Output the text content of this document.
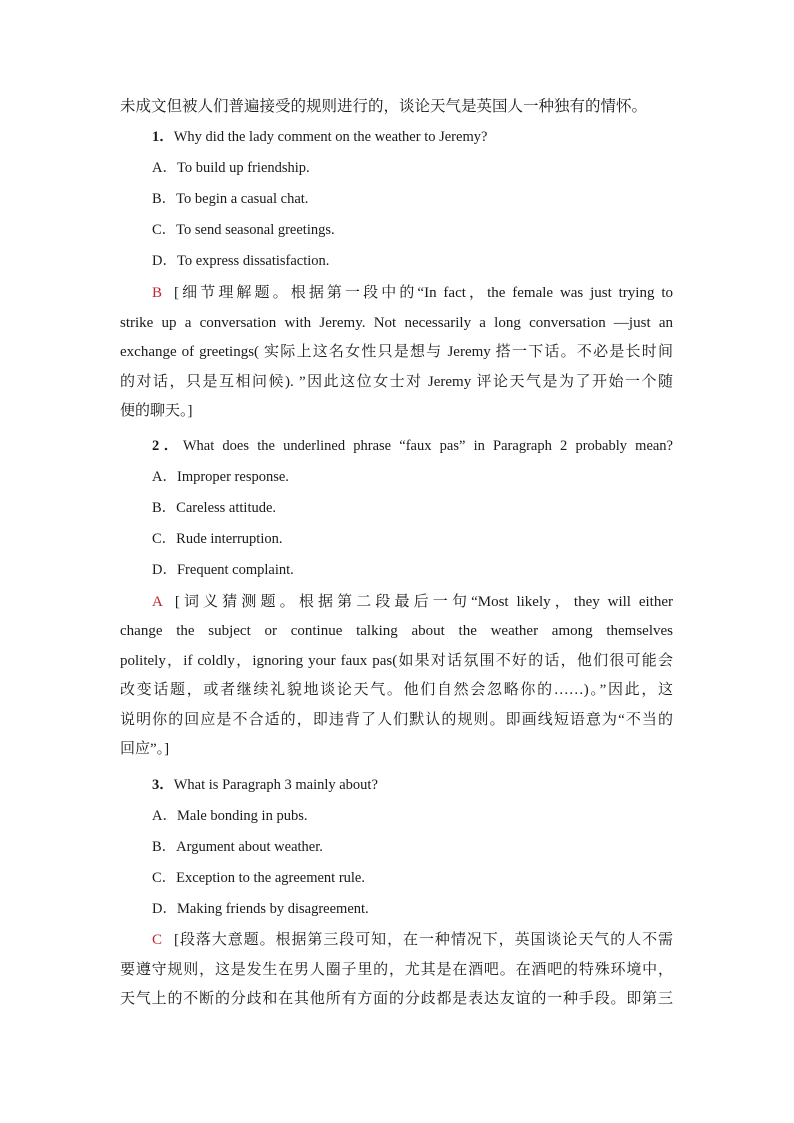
未成文但被人们普遍接受的规则进行的，谈论天气是英国人一种独有的情怀。
1．Why did the lady comment on the weather to Jeremy?
A．To build up friendship.
B．To begin a casual chat.
C．To send seasonal greetings.
D．To express dissatisfaction.
B [细节理解题。根据第一段中的“In fact，the female was just trying to
strike up a conversation with Jeremy. Not necessarily a long conversation —just an
exchange of greetings( 实际上这名女性只是想与 Jeremy 搭一下话。不必是长时间
的对话，只是互相问候). ”因此这位女士对 Jeremy 评论天气是为了开始一个随
便的聊天。]
2．What does the underlined phrase “faux pas” in Paragraph 2 probably mean?
A．Improper response.
B．Careless attitude.
C．Rude interruption.
D．Frequent complaint.
A [词义猜测题。根据第二段最后一句“Most likely，they will either
change the subject or continue talking about the weather among themselves
politely，if coldly，ignoring your faux pas(如果对话氛围不好的话，他们很可能会
改变话题，或者继续礼貌地谈论天气。他们自然会忽略你的……)。”因此，这
说明你的回应是不合适的，即违背了人们默认的规则。即画线短语意为“不当的
回应”。]
3．What is Paragraph 3 mainly about?
A．Male bonding in pubs.
B．Argument about weather.
C．Exception to the agreement rule.
D．Making friends by disagreement.
C [段落大意题。根据第三段可知，在一种情况下，英国谈论天气的人不需
要遵守规则，这是发生在男人圈子里的，尤其是在酒吧。在酒吧的特殊环境中，
天气上的不断的分歧和在其他所有方面的分歧都是表达友谊的一种手段。即第三
